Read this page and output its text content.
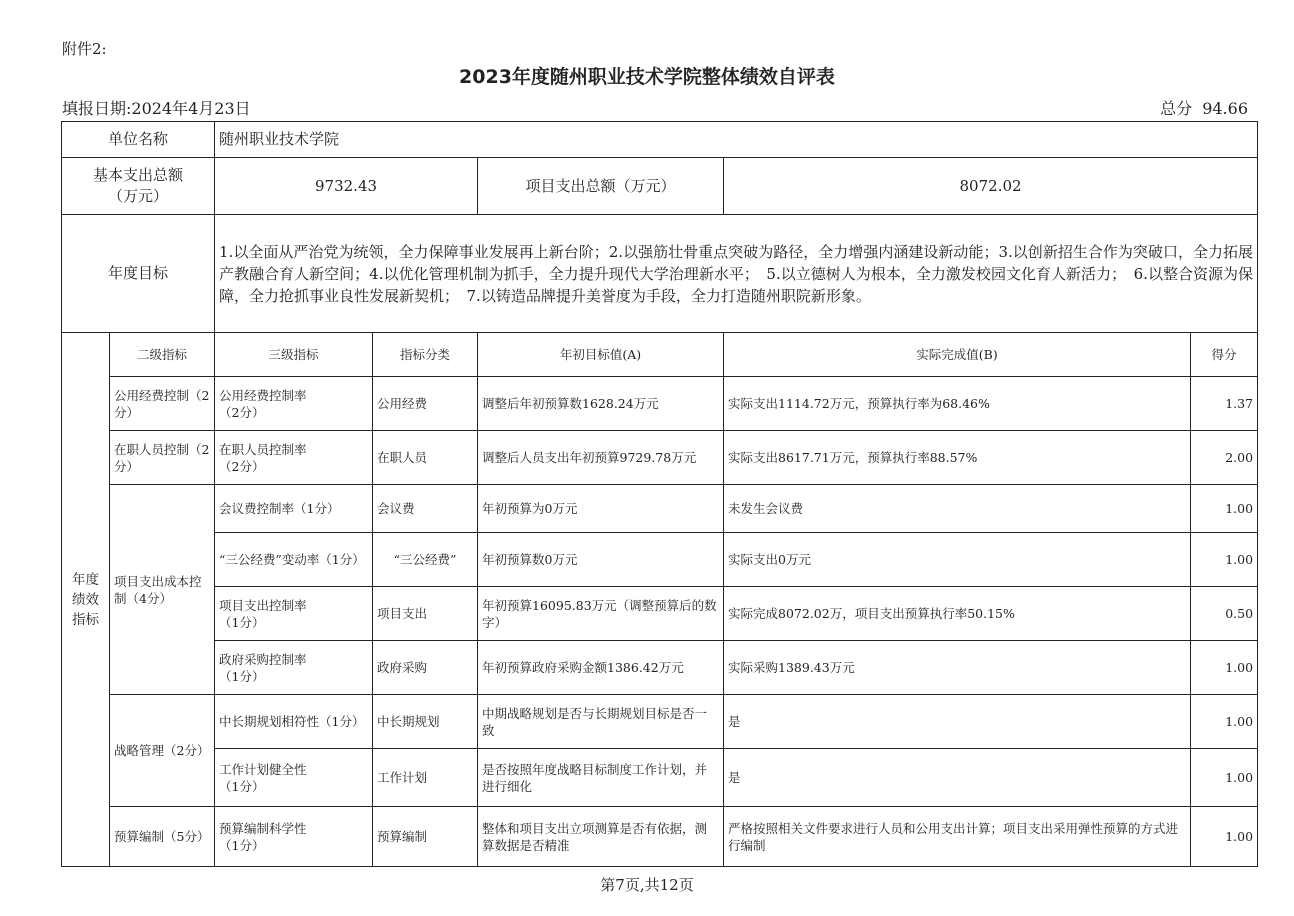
附件2:
2023年度随州职业技术学院整体绩效自评表
填报日期:2024年4月23日	总分 94.66
单位名称		随州职业技术学院				
基本支出总额
（万元）		9732.43		项目支出总额（万元）	8072.02	
年度目标		1.以全面从严治党为统领，全力保障事业发展再上新台阶；2.以强筋壮骨重点突破为路径，全力增强内涵建设新动能；3.以创新招生合作为突破口，全力拓展产教融合育人新空间；4.以优化管理机制为抓手，全力提升现代大学治理新水平；　5.以立德树人为根本，全力激发校园文化育人新活力；　6.以整合资源为保障，全力抢抓事业良性发展新契机；　7.以铸造品牌提升美誉度为手段，全力打造随州职院新形象。				
年度
绩效
指标	二级指标	三级指标	指标分类	年初目标值(A)	实际完成值(B)	得分
	公用经费控制（2分）	公用经费控制率
（2分）	公用经费	调整后年初预算数1628.24万元	实际支出1114.72万元，预算执行率为68.46%	1.37
	在职人员控制（2分）	在职人员控制率
（2分）	在职人员	调整后人员支出年初预算9729.78万元	实际支出8617.71万元，预算执行率88.57%	2.00
	项目支出成本控制（4分）	会议费控制率（1分）	会议费	年初预算为0万元	未发生会议费	1.00
		“三公经费”变动率（1分）	“三公经费”	年初预算数0万元	实际支出0万元	1.00
		项目支出控制率
（1分）	项目支出	年初预算16095.83万元（调整预算后的数字）	实际完成8072.02万，项目支出预算执行率50.15%	0.50
		政府采购控制率
（1分）	政府采购	年初预算政府采购金额1386.42万元	实际采购1389.43万元	1.00
	战略管理（2分）	中长期规划相符性（1分）	中长期规划	中期战略规划是否与长期规划目标是否一致	是	1.00
		工作计划健全性
（1分）	工作计划	是否按照年度战略目标制度工作计划，并进行细化	是	1.00
	预算编制（5分）	预算编制科学性
（1分）	预算编制	整体和项目支出立项测算是否有依据，测算数据是否精准	严格按照相关文件要求进行人员和公用支出计算；项目支出采用弹性预算的方式进行编制	1.00
第7页,共12页
